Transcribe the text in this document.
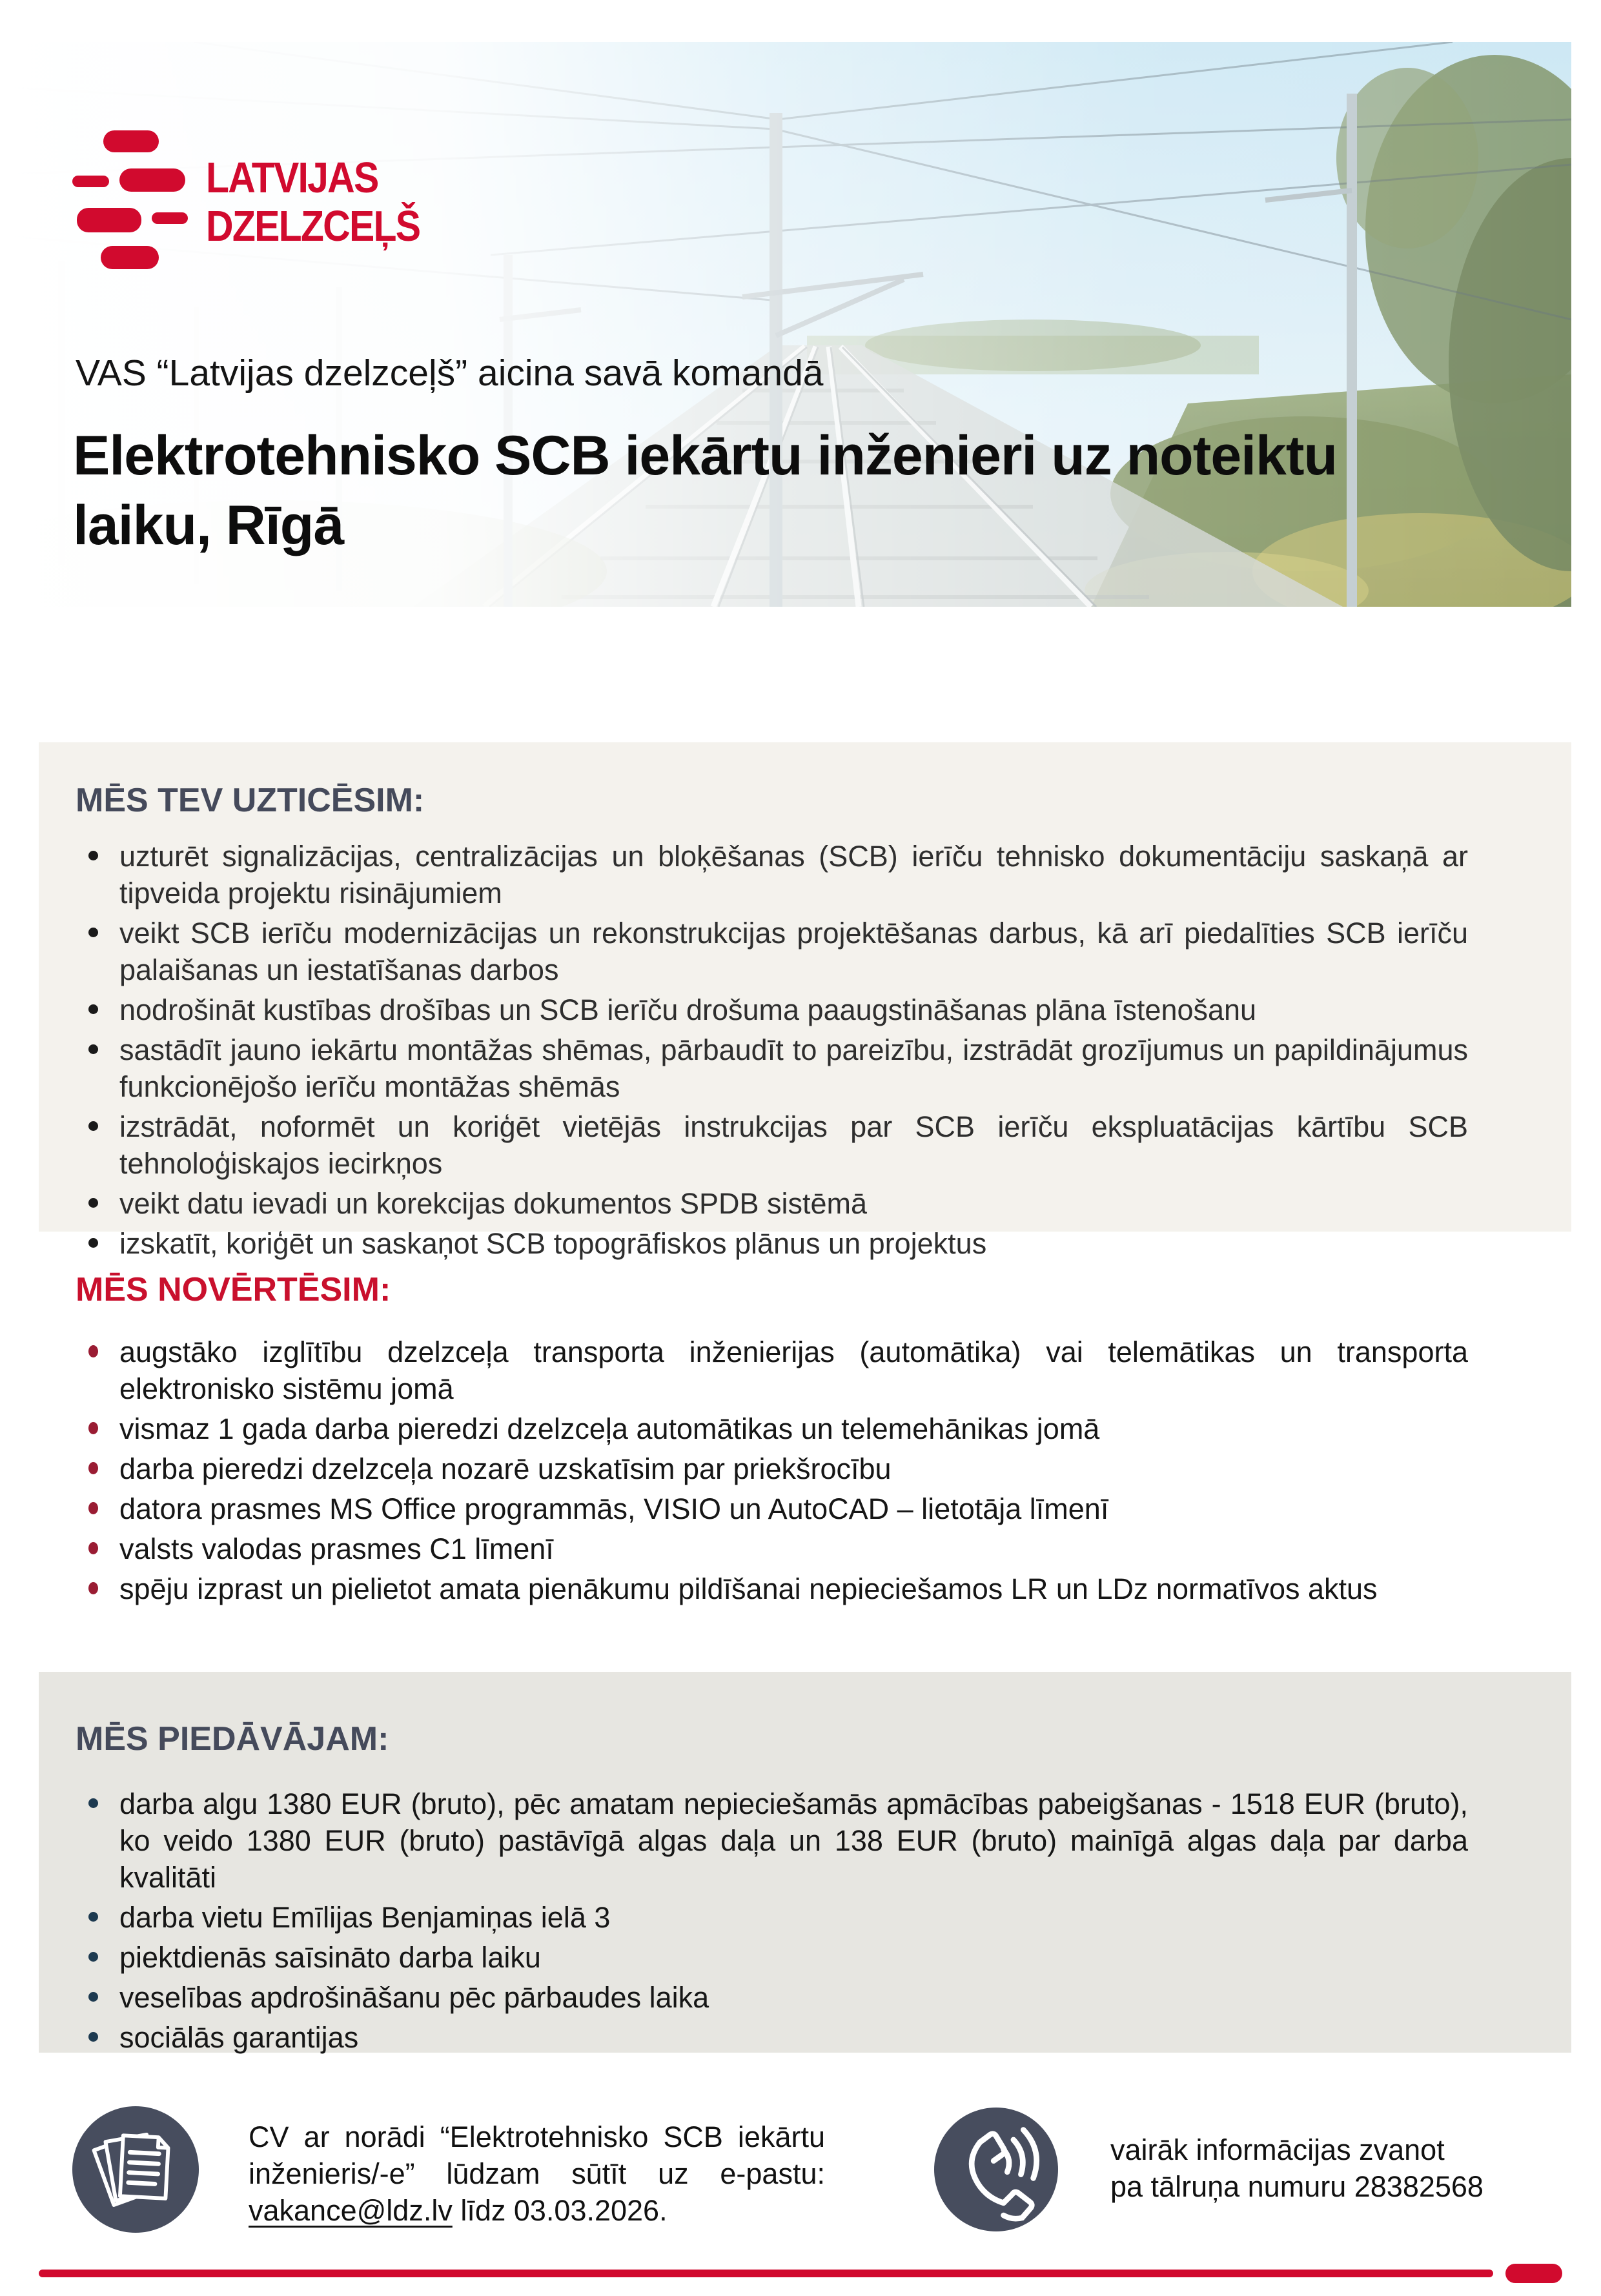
LATVIJAS
DZELZCEĻŠ
VAS “Latvijas dzelzceļš” aicina savā komandā
Elektrotehnisko SCB iekārtu inženieri uz noteiktu
laiku, Rīgā
MĒS TEV UZTICĒSIM:

uzturēt signalizācijas, centralizācijas un bloķēšanas (SCB) ierīču tehnisko dokumentāciju saskaņā ar tipveida projektu risinājumiem

veikt SCB ierīču modernizācijas un rekonstrukcijas projektēšanas darbus, kā arī piedalīties SCB ierīču palaišanas un iestatīšanas darbos

nodrošināt kustības drošības un SCB ierīču drošuma paaugstināšanas plāna īstenošanu

sastādīt jauno iekārtu montāžas shēmas, pārbaudīt to pareizību, izstrādāt grozījumus un papildinājumus funkcionējošo ierīču montāžas shēmās

izstrādāt, noformēt un koriģēt vietējās instrukcijas par SCB ierīču ekspluatācijas kārtību SCB tehnoloģiskajos iecirkņos

veikt datu ievadi un korekcijas dokumentos SPDB sistēmā

izskatīt, koriģēt un saskaņot SCB topogrāfiskos plānus un projektus

MĒS NOVĒRTĒSIM:

augstāko izglītību dzelzceļa transporta inženierijas (automātika) vai telemātikas un transporta elektronisko sistēmu jomā

vismaz 1 gada darba pieredzi dzelzceļa automātikas un telemehānikas jomā

darba pieredzi dzelzceļa nozarē uzskatīsim par priekšrocību

datora prasmes MS Office programmās, VISIO un AutoCAD – lietotāja līmenī

valsts valodas prasmes C1 līmenī

spēju izprast un pielietot amata pienākumu pildīšanai nepieciešamos LR un LDz normatīvos aktus

MĒS PIEDĀVĀJAM:

darba algu 1380 EUR (bruto), pēc amatam nepieciešamās apmācības pabeigšanas - 1518 EUR (bruto), ko veido 1380 EUR (bruto) pastāvīgā algas daļa un 138 EUR (bruto) mainīgā algas daļa par darba kvalitāti

darba vietu Emīlijas Benjamiņas ielā 3

piektdienās saīsināto darba laiku

veselības apdrošināšanu pēc pārbaudes laika

sociālās garantijas

CV ar norādi “Elektrotehnisko SCB iekārtu inženieris/-e” lūdzam sūtīt uz e-pastu: vakance@ldz.lv līdz 03.03.2026.

vairāk informācijas zvanot
pa tālruņa numuru 28382568
